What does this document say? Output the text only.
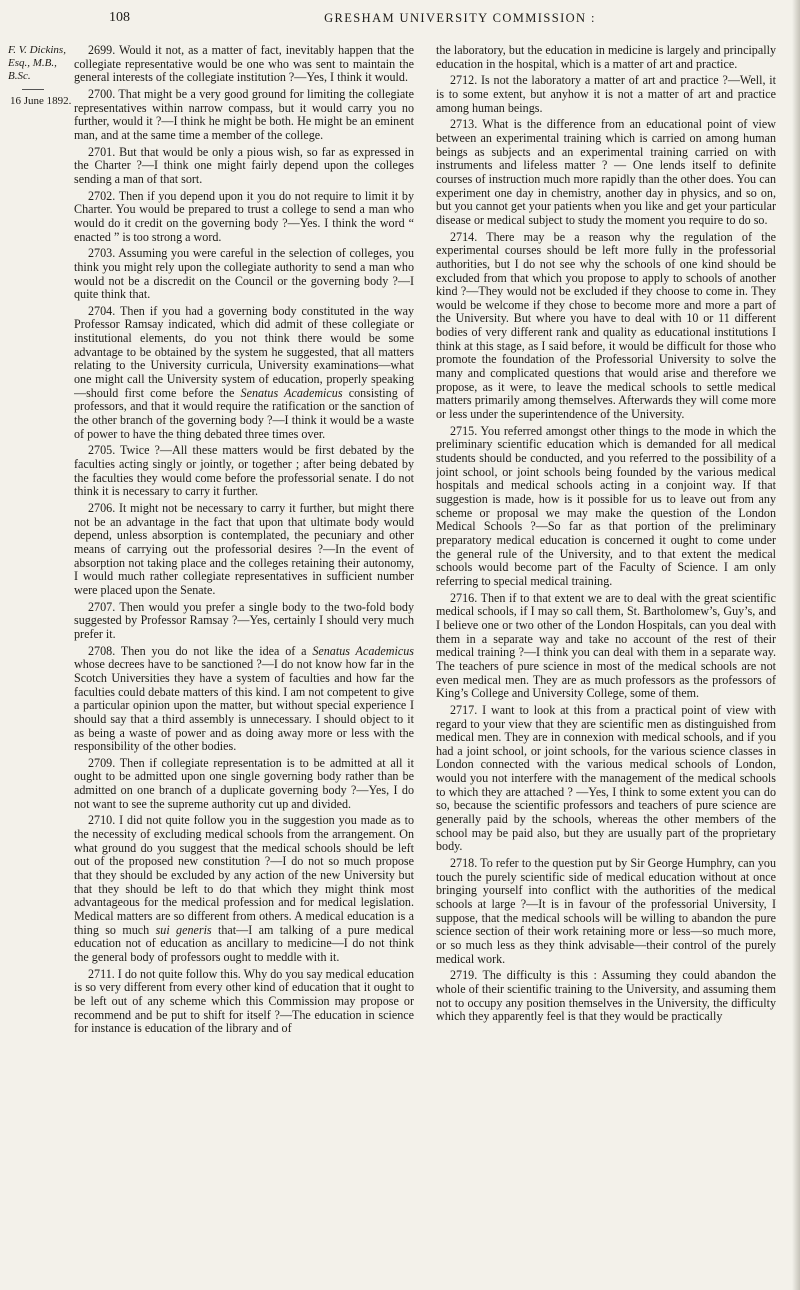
108	GRESHAM UNIVERSITY COMMISSION :
F. V. Dickins,
Esq., M.B.,
B.Sc.
16 June 1892.

2699. Would it not, as a matter of fact, inevitably happen that the collegiate representative would be one who was sent to maintain the general interests of the collegiate institution ?—Yes, I think it would.

2700. That might be a very good ground for limiting the collegiate representatives within narrow compass, but it would carry you no further, would it ?—I think he might be both. He might be an eminent man, and at the same time a member of the college.

2701. But that would be only a pious wish, so far as expressed in the Charter ?—I think one might fairly depend upon the colleges sending a man of that sort.

2702. Then if you depend upon it you do not require to limit it by Charter. You would be prepared to trust a college to send a man who would do it credit on the governing body ?—Yes. I think the word “ enacted ” is too strong a word.

2703. Assuming you were careful in the selection of colleges, you think you might rely upon the collegiate authority to send a man who would not be a discredit on the Council or the governing body ?—I quite think that.

2704. Then if you had a governing body constituted in the way Professor Ramsay indicated, which did admit of these collegiate or institutional elements, do you not think there would be some advantage to be obtained by the system he suggested, that all matters relating to the University curricula, University examinations—what one might call the University system of education, properly speaking—should first come before the Senatus Academicus consisting of professors, and that it would require the ratification or the sanction of the other branch of the governing body ?—I think it would be a waste of power to have the thing debated three times over.

2705. Twice ?—All these matters would be first debated by the faculties acting singly or jointly, or together ; after being debated by the faculties they would come before the professorial senate. I do not think it is necessary to carry it further.

2706. It might not be necessary to carry it further, but might there not be an advantage in the fact that upon that ultimate body would depend, unless absorption is contemplated, the pecuniary and other means of carrying out the professorial desires ?—In the event of absorption not taking place and the colleges retaining their autonomy, I would much rather collegiate representatives in sufficient number were placed upon the Senate.

2707. Then would you prefer a single body to the two-fold body suggested by Professor Ramsay ?—Yes, certainly I should very much prefer it.

2708. Then you do not like the idea of a Senatus Academicus whose decrees have to be sanctioned ?—I do not know how far in the Scotch Universities they have a system of faculties and how far the faculties could debate matters of this kind. I am not competent to give a particular opinion upon the matter, but without special experience I should say that a third assembly is unnecessary. I should object to it as being a waste of power and as doing away more or less with the responsibility of the other bodies.

2709. Then if collegiate representation is to be admitted at all it ought to be admitted upon one single governing body rather than be admitted on one branch of a duplicate governing body ?—Yes, I do not want to see the supreme authority cut up and divided.

2710. I did not quite follow you in the suggestion you made as to the necessity of excluding medical schools from the arrangement. On what ground do you suggest that the medical schools should be left out of the proposed new constitution ?—I do not so much propose that they should be excluded by any action of the new University but that they should be left to do that which they might think most advantageous for the medical profession and for medical legislation. Medical matters are so different from others. A medical education is a thing so much sui generis that—I am talking of a pure medical education not of education as ancillary to medicine—I do not think the general body of professors ought to meddle with it.

2711. I do not quite follow this. Why do you say medical education is so very different from every other kind of education that it ought to be left out of any scheme which this Commission may propose or recommend and be put to shift for itself ?—The education in science for instance is education of the library and of

the laboratory, but the education in medicine is largely and principally education in the hospital, which is a matter of art and practice.

2712. Is not the laboratory a matter of art and practice ?—Well, it is to some extent, but anyhow it is not a matter of art and practice among human beings.

2713. What is the difference from an educational point of view between an experimental training which is carried on among human beings as subjects and an experimental training carried on with instruments and lifeless matter ? — One lends itself to definite courses of instruction much more rapidly than the other does. You can experiment one day in chemistry, another day in physics, and so on, but you cannot get your patients when you like and get your particular disease or medical subject to study the moment you require to do so.

2714. There may be a reason why the regulation of the experimental courses should be left more fully in the professorial authorities, but I do not see why the schools of one kind should be excluded from that which you propose to apply to schools of another kind ?—They would not be excluded if they choose to come in. They would be welcome if they chose to become more and more a part of the University. But where you have to deal with 10 or 11 different bodies of very different rank and quality as educational institutions I think at this stage, as I said before, it would be difficult for those who promote the foundation of the Professorial University to solve the many and complicated questions that would arise and therefore we propose, as it were, to leave the medical schools to settle medical matters primarily among themselves. Afterwards they will come more or less under the superintendence of the University.

2715. You referred amongst other things to the mode in which the preliminary scientific education which is demanded for all medical students should be conducted, and you referred to the possibility of a joint school, or joint schools being founded by the various medical hospitals and medical schools acting in a conjoint way. If that suggestion is made, how is it possible for us to leave out from any scheme or proposal we may make the question of the London Medical Schools ?—So far as that portion of the preliminary preparatory medical education is concerned it ought to come under the general rule of the University, and to that extent the medical schools would become part of the Faculty of Science. I am only referring to special medical training.

2716. Then if to that extent we are to deal with the great scientific medical schools, if I may so call them, St. Bartholomew’s, Guy’s, and I believe one or two other of the London Hospitals, can you deal with them in a separate way and take no account of the rest of their medical training ?—I think you can deal with them in a separate way. The teachers of pure science in most of the medical schools are not even medical men. They are as much professors as the professors of King’s College and University College, some of them.

2717. I want to look at this from a practical point of view with regard to your view that they are scientific men as distinguished from medical men. They are in connexion with medical schools, and if you had a joint school, or joint schools, for the various science classes in London connected with the various medical schools of London, would you not interfere with the management of the medical schools to which they are attached ? —Yes, I think to some extent you can do so, because the scientific professors and teachers of pure science are generally paid by the schools, whereas the other members of the school may be paid also, but they are usually part of the proprietary body.

2718. To refer to the question put by Sir George Humphry, can you touch the purely scientific side of medical education without at once bringing yourself into conflict with the authorities of the medical schools at large ?—It is in favour of the professorial University, I suppose, that the medical schools will be willing to abandon the pure science section of their work retaining more or less—so much more, or so much less as they think advisable—their control of the purely medical work.

2719. The difficulty is this : Assuming they could abandon the whole of their scientific training to the University, and assuming them not to occupy any position themselves in the University, the difficulty which they apparently feel is that they would be practically
